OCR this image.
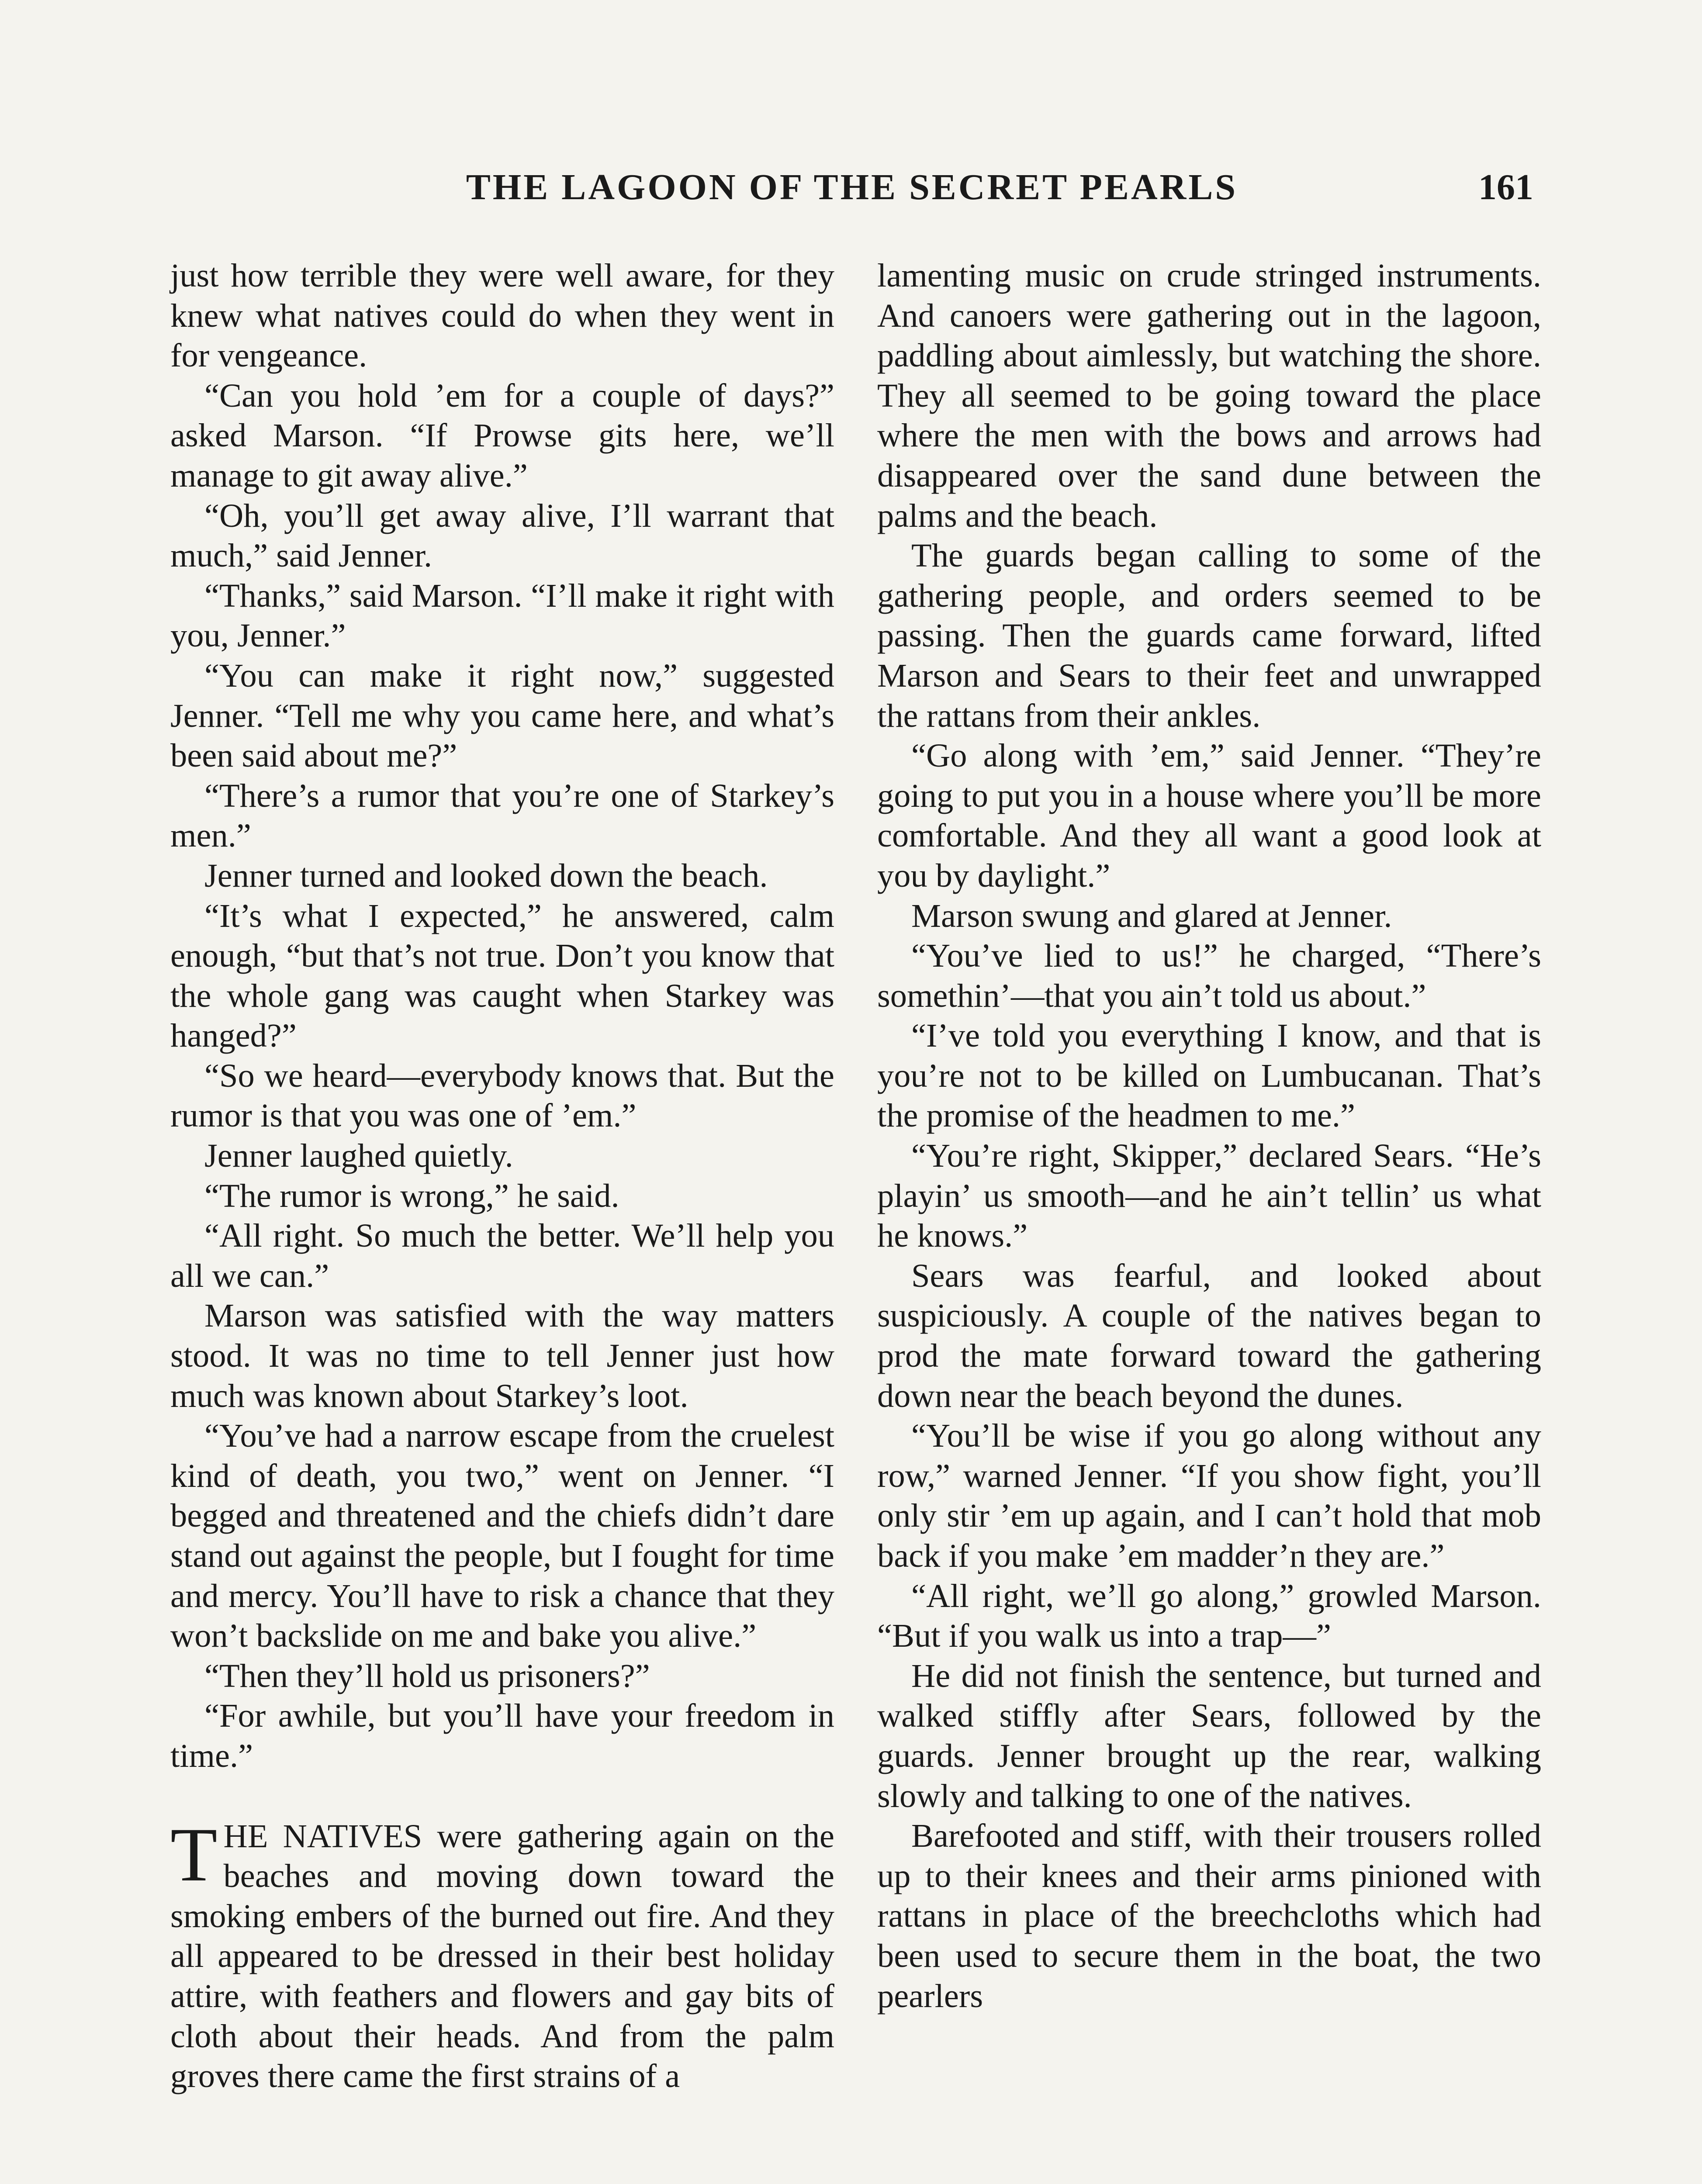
THE LAGOON OF THE SECRET PEARLS	161

just how terrible they were well aware, for they knew what natives could do when they went in for vengeance.

“Can you hold ’em for a couple of days?” asked Marson. “If Prowse gits here, we’ll manage to git away alive.”

“Oh, you’ll get away alive, I’ll warrant that much,” said Jenner.

“Thanks,” said Marson. “I’ll make it right with you, Jenner.”

“You can make it right now,” suggested Jenner. “Tell me why you came here, and what’s been said about me?”

“There’s a rumor that you’re one of Starkey’s men.”

Jenner turned and looked down the beach.

“It’s what I expected,” he answered, calm enough, “but that’s not true. Don’t you know that the whole gang was caught when Starkey was hanged?”

“So we heard—everybody knows that. But the rumor is that you was one of ’em.”

Jenner laughed quietly.

“The rumor is wrong,” he said.

“All right. So much the better. We’ll help you all we can.”

Marson was satisfied with the way matters stood. It was no time to tell Jenner just how much was known about Starkey’s loot.

“You’ve had a narrow escape from the cruelest kind of death, you two,” went on Jenner. “I begged and threatened and the chiefs didn’t dare stand out against the people, but I fought for time and mercy. You’ll have to risk a chance that they won’t backslide on me and bake you alive.”

“Then they’ll hold us prisoners?”

“For awhile, but you’ll have your freedom in time.”

THE NATIVES were gathering again on the beaches and moving down toward the smoking embers of the burned out fire. And they all appeared to be dressed in their best holiday attire, with feathers and flowers and gay bits of cloth about their heads. And from the palm groves there came the first strains of a

lamenting music on crude stringed instruments. And canoers were gathering out in the lagoon, paddling about aimlessly, but watching the shore. They all seemed to be going toward the place where the men with the bows and arrows had disappeared over the sand dune between the palms and the beach.

The guards began calling to some of the gathering people, and orders seemed to be passing. Then the guards came forward, lifted Marson and Sears to their feet and unwrapped the rattans from their ankles.

“Go along with ’em,” said Jenner. “They’re going to put you in a house where you’ll be more comfortable. And they all want a good look at you by daylight.”

Marson swung and glared at Jenner.

“You’ve lied to us!” he charged, “There’s somethin’—that you ain’t told us about.”

“I’ve told you everything I know, and that is you’re not to be killed on Lumbucanan. That’s the promise of the headmen to me.”

“You’re right, Skipper,” declared Sears. “He’s playin’ us smooth—and he ain’t tellin’ us what he knows.”

Sears was fearful, and looked about suspiciously. A couple of the natives began to prod the mate forward toward the gathering down near the beach beyond the dunes.

“You’ll be wise if you go along without any row,” warned Jenner. “If you show fight, you’ll only stir ’em up again, and I can’t hold that mob back if you make ’em madder’n they are.”

“All right, we’ll go along,” growled Marson. “But if you walk us into a trap—”

He did not finish the sentence, but turned and walked stiffly after Sears, followed by the guards. Jenner brought up the rear, walking slowly and talking to one of the natives.

Barefooted and stiff, with their trousers rolled up to their knees and their arms pinioned with rattans in place of the breechcloths which had been used to secure them in the boat, the two pearlers
